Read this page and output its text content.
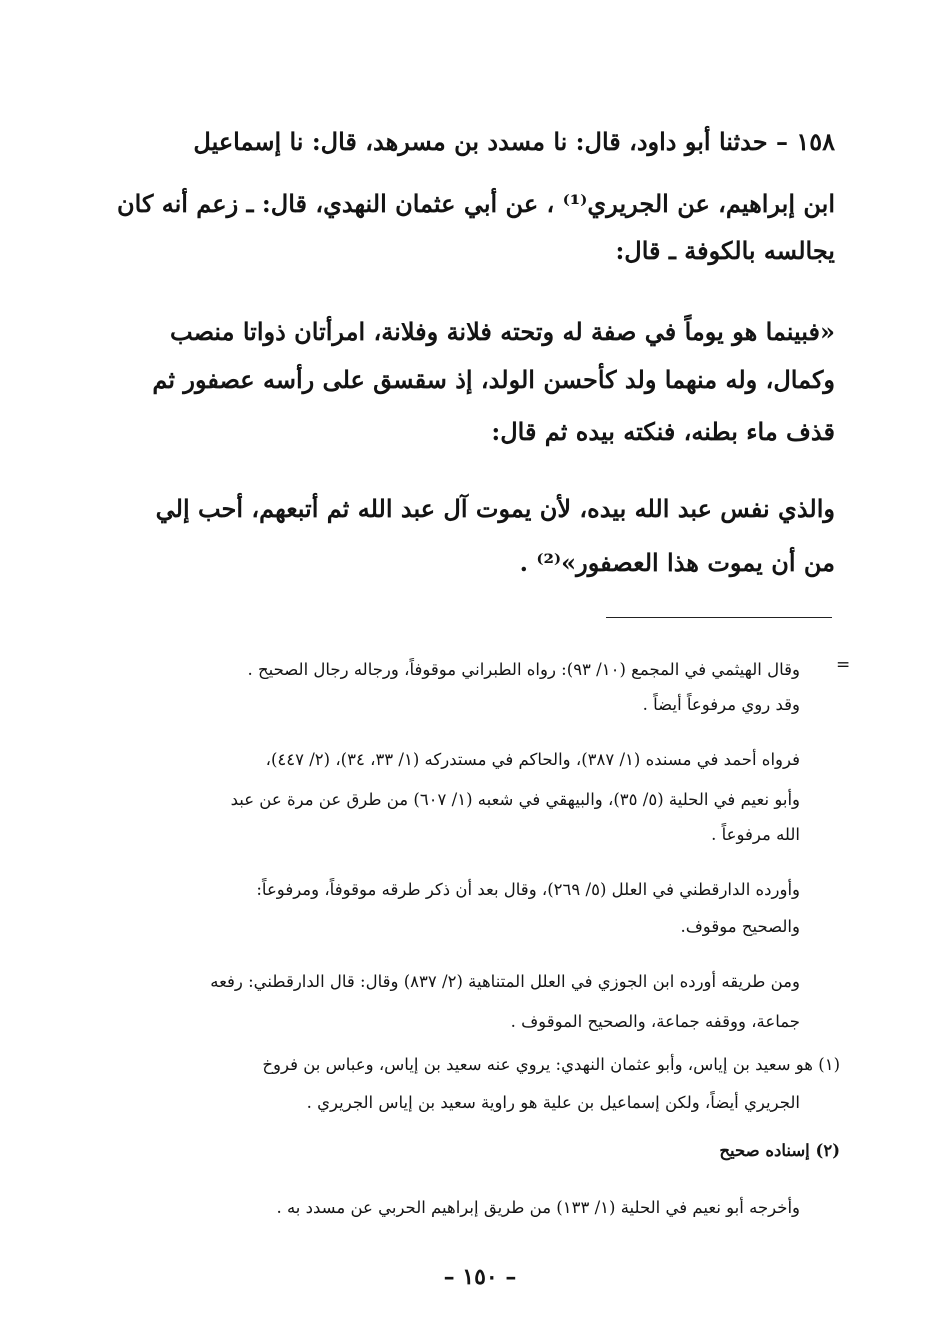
١٥٨ – حدثنا أبو داود، قال: نا مسدد بن مسرهد، قال: نا إسماعيل
ابن إبراهيم، عن الجريري⁽¹⁾ ، عن أبي عثمان النهدي، قال: ـ زعم أنه كان
يجالسه بالكوفة ـ قال:
«فبينما هو يوماً في صفة له وتحته فلانة وفلانة، امرأتان ذواتا منصب
وكمال، وله منهما ولد كأحسن الولد، إذ سقسق على رأسه عصفور ثم
قذف ماء بطنه، فنكته بيده ثم قال:
والذي نفس عبد الله بيده، لأن يموت آل عبد الله ثم أتبعهم، أحب إلي
من أن يموت هذا العصفور»⁽²⁾ .
=
وقال الهيثمي في المجمع (١٠/ ٩٣): رواه الطبراني موقوفاً، ورجاله رجال الصحيح .
وقد روي مرفوعاً أيضاً .
فرواه أحمد في مسنده (١/ ٣٨٧)، والحاكم في مستدركه (١/ ٣٣، ٣٤)، (٢/ ٤٤٧)،
وأبو نعيم في الحلية (٥/ ٣٥)، والبيهقي في شعبه (١/ ٦٠٧) من طرق عن مرة عن عبد
الله مرفوعاً .
وأورده الدارقطني في العلل (٥/ ٢٦٩)، وقال بعد أن ذكر طرقه موقوفاً، ومرفوعاً:
والصحيح موقوف.
ومن طريقه أورده ابن الجوزي في العلل المتناهية (٢/ ٨٣٧) وقال: قال الدارقطني: رفعه
جماعة، ووقفه جماعة، والصحيح الموقوف .
(١) هو سعيد بن إياس، وأبو عثمان النهدي: يروي عنه سعيد بن إياس، وعباس بن فروخ
الجريري أيضاً، ولكن إسماعيل بن علية هو راوية سعيد بن إياس الجريري .
(٢) إسناده صحيح
وأخرجه أبو نعيم في الحلية (١/ ١٣٣) من طريق إبراهيم الحربي عن مسدد به .
– ١٥٠ –
